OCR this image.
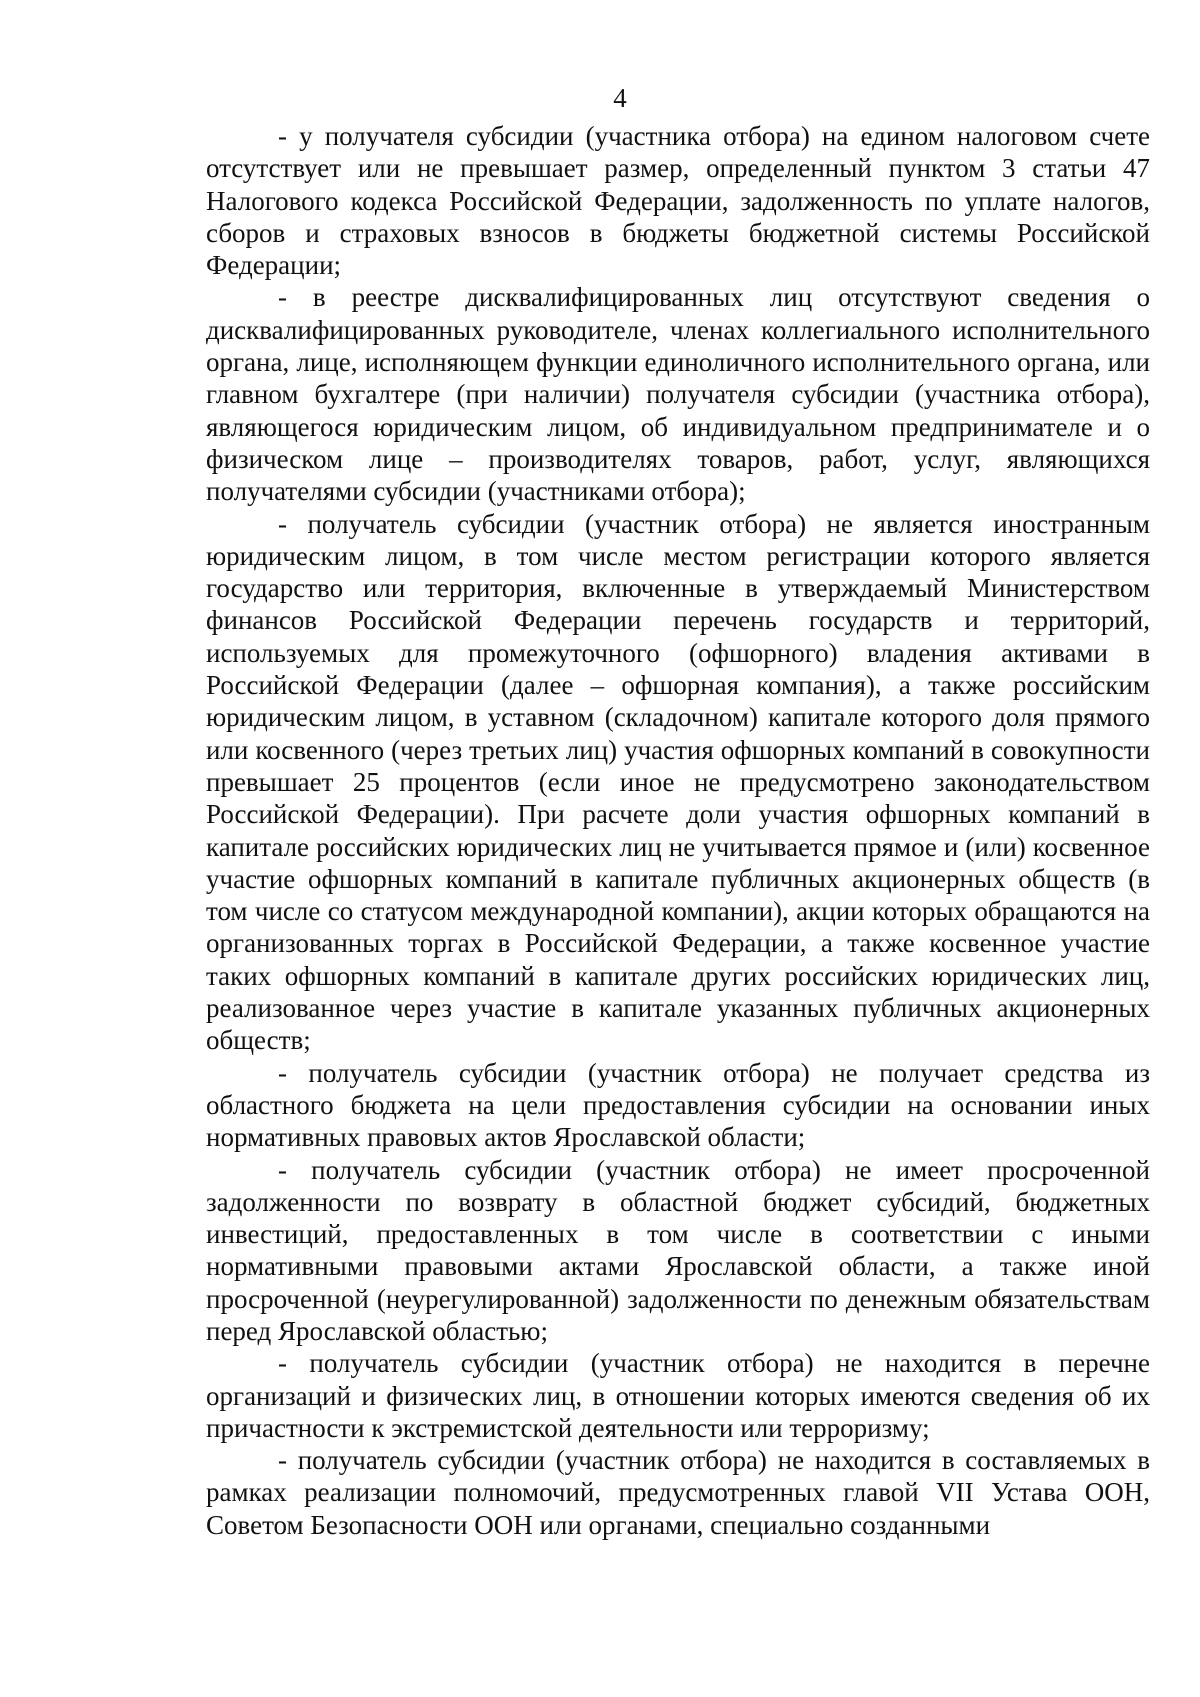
4

- у получателя субсидии (участника отбора) на едином налоговом счете отсутствует или не превышает размер, определенный пунктом 3 статьи 47 Налогового кодекса Российской Федерации, задолженность по уплате налогов, сборов и страховых взносов в бюджеты бюджетной системы Российской Федерации;

- в реестре дисквалифицированных лиц отсутствуют сведения о дисквалифицированных руководителе, членах коллегиального исполнительного органа, лице, исполняющем функции единоличного исполнительного органа, или главном бухгалтере (при наличии) получателя субсидии (участника отбора), являющегося юридическим лицом, об индивидуальном предпринимателе и о физическом лице – производителях товаров, работ, услуг, являющихся получателями субсидии (участниками отбора);

- получатель субсидии (участник отбора) не является иностранным юридическим лицом, в том числе местом регистрации которого является государство или территория, включенные в утверждаемый Министерством финансов Российской Федерации перечень государств и территорий, используемых для промежуточного (офшорного) владения активами в Российской Федерации (далее – офшорная компания), а также российским юридическим лицом, в уставном (складочном) капитале которого доля прямого или косвенного (через третьих лиц) участия офшорных компаний в совокупности превышает 25 процентов (если иное не предусмотрено законодательством Российской Федерации). При расчете доли участия офшорных компаний в капитале российских юридических лиц не учитывается прямое и (или) косвенное участие офшорных компаний в капитале публичных акционерных обществ (в том числе со статусом международной компании), акции которых обращаются на организованных торгах в Российской Федерации, а также косвенное участие таких офшорных компаний в капитале других российских юридических лиц, реализованное через участие в капитале указанных публичных акционерных обществ;

- получатель субсидии (участник отбора) не получает средства из областного бюджета на цели предоставления субсидии на основании иных нормативных правовых актов Ярославской области;

- получатель субсидии (участник отбора) не имеет просроченной задолженности по возврату в областной бюджет субсидий, бюджетных инвестиций, предоставленных в том числе в соответствии с иными нормативными правовыми актами Ярославской области, а также иной просроченной (неурегулированной) задолженности по денежным обязательствам перед Ярославской областью;

- получатель субсидии (участник отбора) не находится в перечне организаций и физических лиц, в отношении которых имеются сведения об их причастности к экстремистской деятельности или терроризму;

- получатель субсидии (участник отбора) не находится в составляемых в рамках реализации полномочий, предусмотренных главой VII Устава ООН, Советом Безопасности ООН или органами, специально созданными
